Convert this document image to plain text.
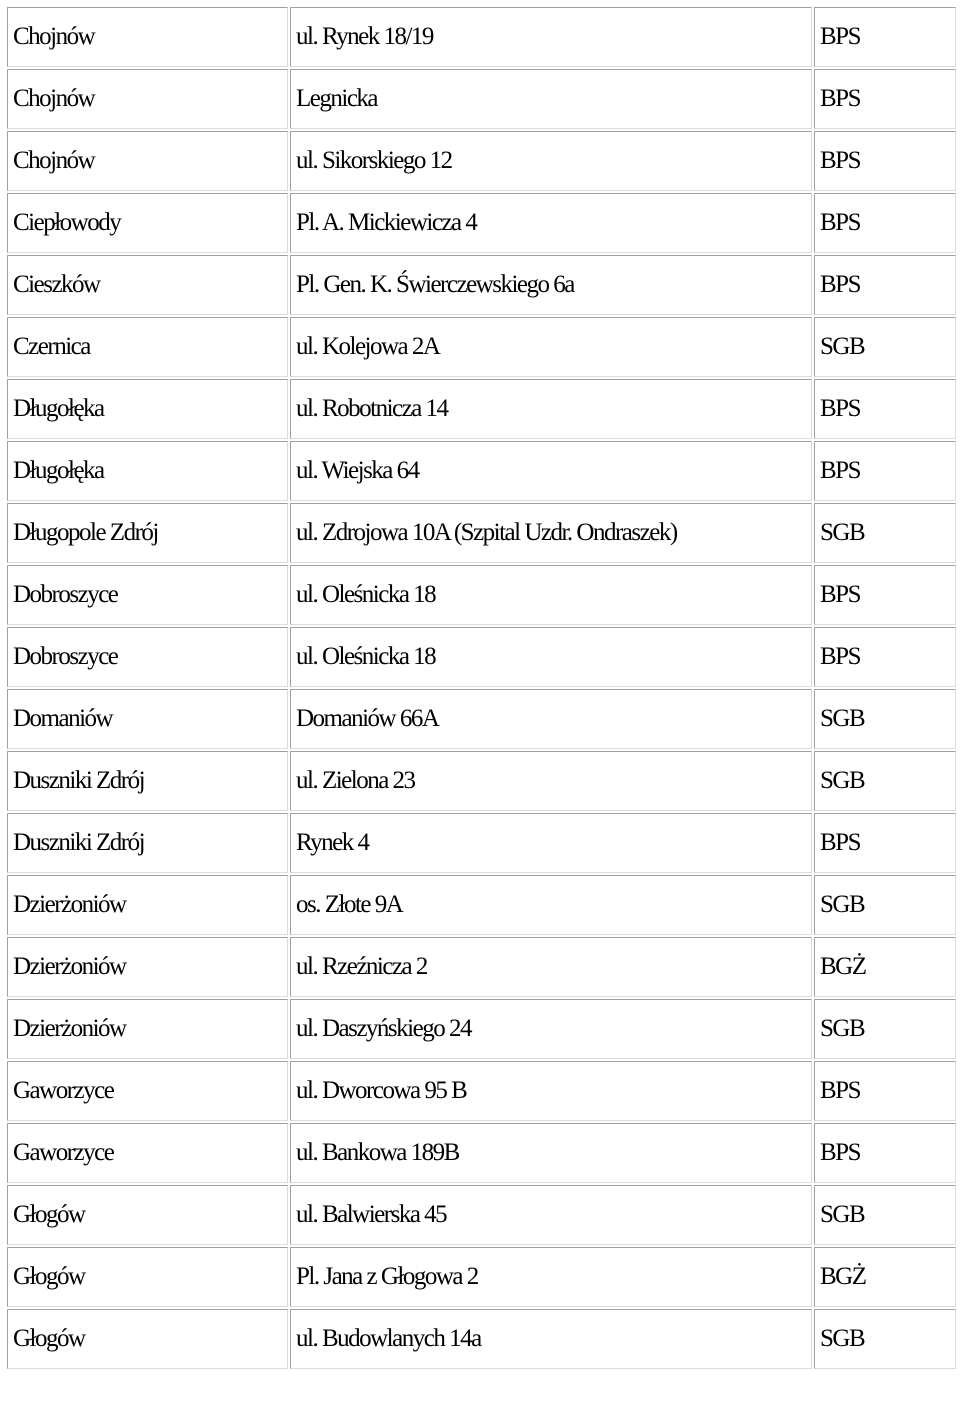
Chojnów	ul. Rynek 18/19	BPS
Chojnów	Legnicka	BPS
Chojnów	ul. Sikorskiego 12	BPS
Ciepłowody	Pl. A. Mickiewicza 4	BPS
Cieszków	Pl. Gen. K. Świerczewskiego 6a	BPS
Czernica	ul. Kolejowa 2A	SGB
Długołęka	ul. Robotnicza 14	BPS
Długołęka	ul. Wiejska 64	BPS
Długopole Zdrój	ul. Zdrojowa 10A (Szpital Uzdr. Ondraszek)	SGB
Dobroszyce	ul. Oleśnicka 18	BPS
Dobroszyce	ul. Oleśnicka 18	BPS
Domaniów	Domaniów 66A	SGB
Duszniki Zdrój	ul. Zielona 23	SGB
Duszniki Zdrój	Rynek 4	BPS
Dzierżoniów	os. Złote 9A	SGB
Dzierżoniów	ul. Rzeźnicza 2	BGŻ
Dzierżoniów	ul. Daszyńskiego 24	SGB
Gaworzyce	ul. Dworcowa 95 B	BPS
Gaworzyce	ul. Bankowa 189B	BPS
Głogów	ul. Balwierska 45	SGB
Głogów	Pl. Jana z Głogowa 2	BGŻ
Głogów	ul. Budowlanych 14a	SGB
